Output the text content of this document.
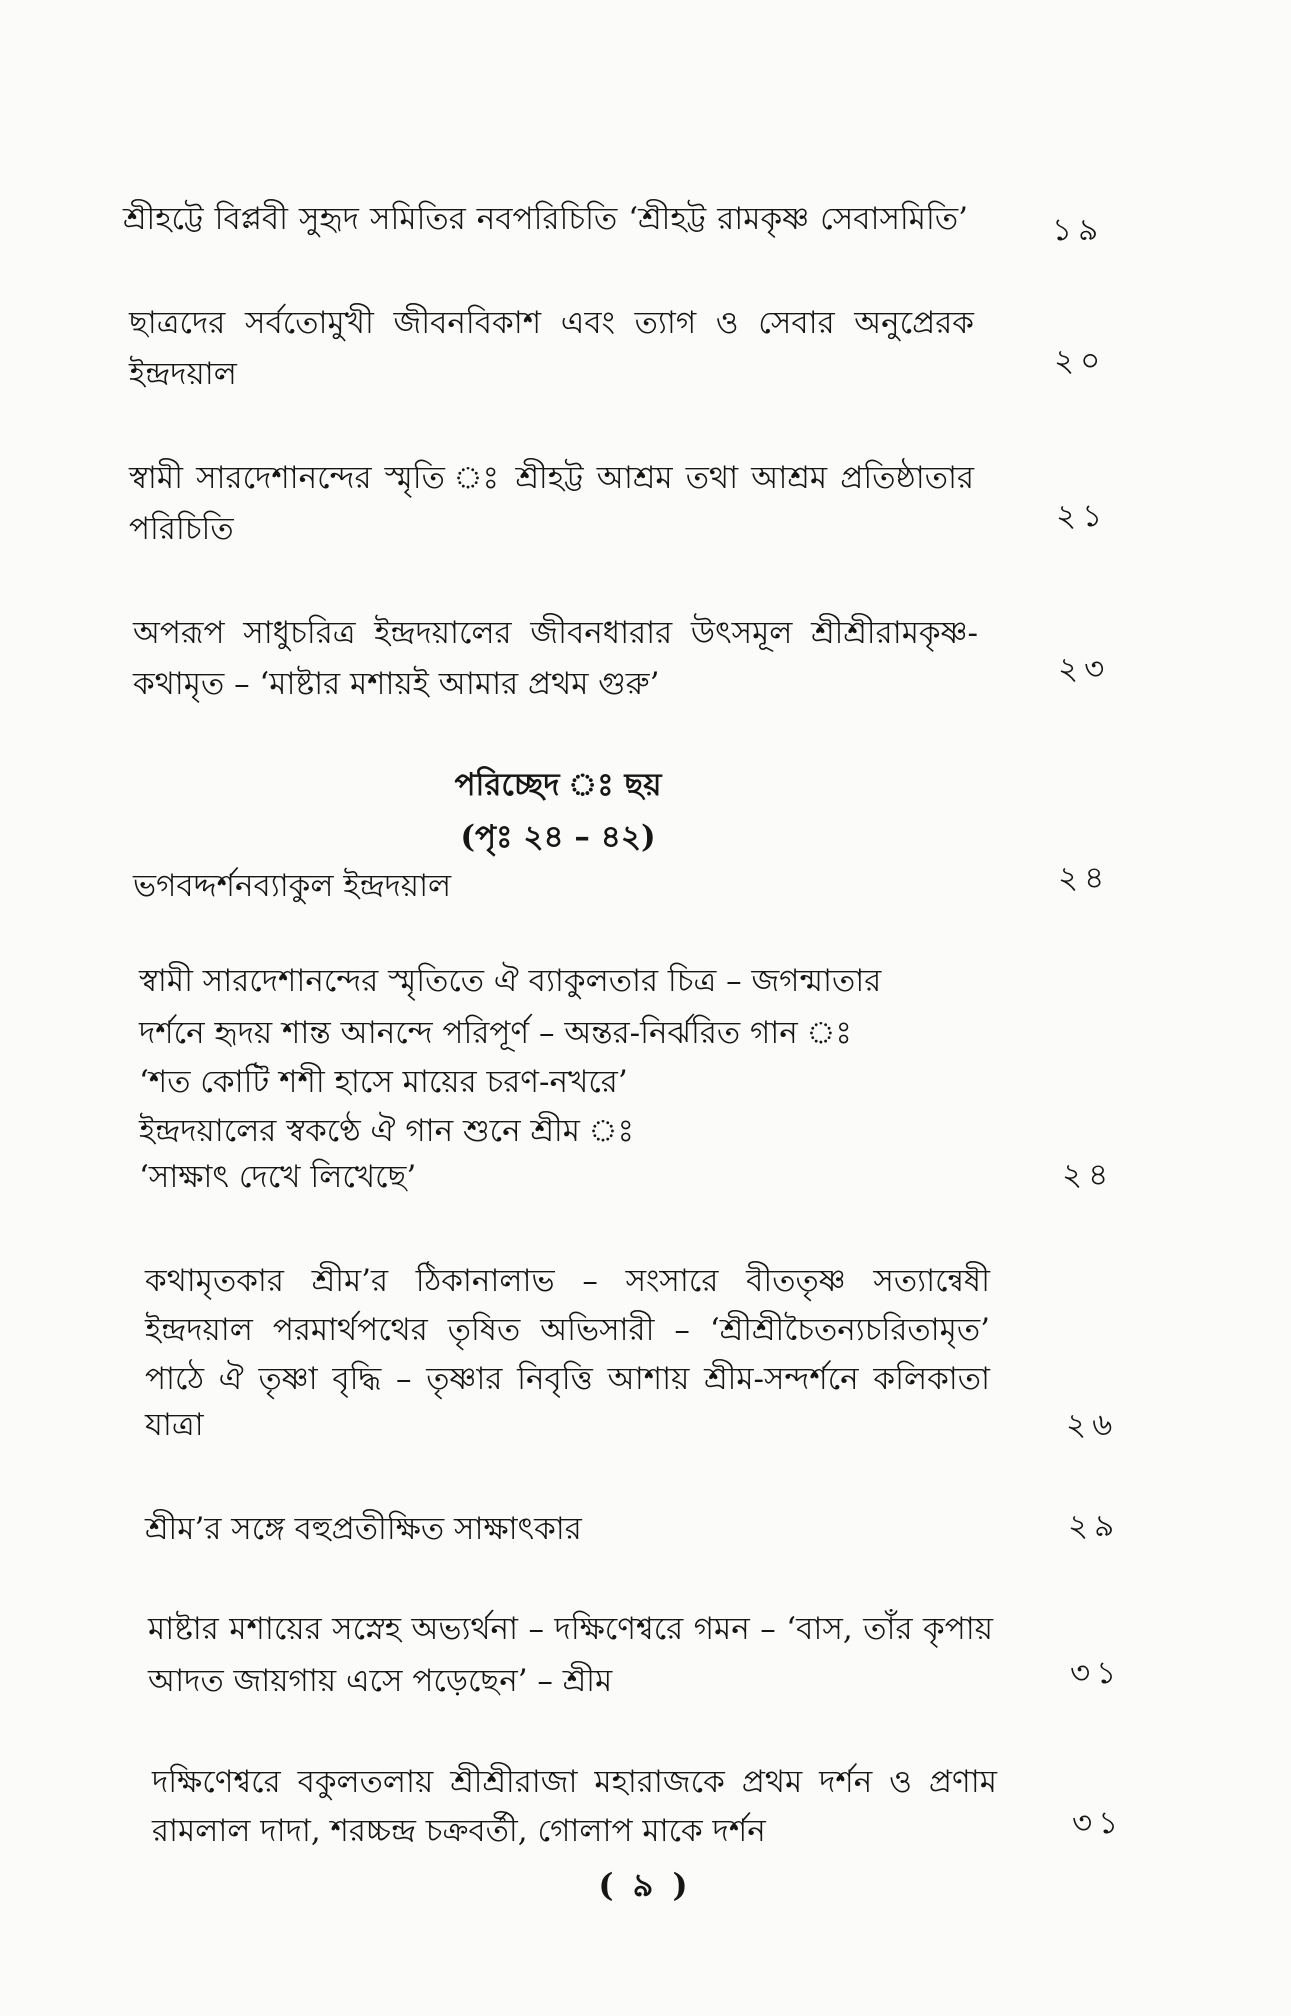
শ্রীহট্টে বিপ্লবী সুহৃদ সমিতির নবপরিচিতি ‘শ্রীহট্ট রামকৃষ্ণ সেবাসমিতি’	১৯
ছাত্রদের সর্বতোমুখী জীবনবিকাশ এবং ত্যাগ ও সেবার অনুপ্রেরক
ইন্দ্রদয়াল	২০
স্বামী সারদেশানন্দের স্মৃতি ঃ শ্রীহট্ট আশ্রম তথা আশ্রম প্রতিষ্ঠাতার
পরিচিতি	২১
অপরূপ সাধুচরিত্র ইন্দ্রদয়ালের জীবনধারার উৎসমূল শ্রীশ্রীরামকৃষ্ণ-
কথামৃত – ‘মাষ্টার মশায়ই আমার প্রথম গুরু’	২৩
পরিচ্ছেদ ঃ ছয়
(পৃঃ ২৪ – ৪২)
ভগবদ্দর্শনব্যাকুল ইন্দ্রদয়াল	২৪
স্বামী সারদেশানন্দের স্মৃতিতে ঐ ব্যাকুলতার চিত্র – জগন্মাতার
দর্শনে হৃদয় শান্ত আনন্দে পরিপূর্ণ – অন্তর-নির্ঝরিত গান ঃ
‘শত কোটি শশী হাসে মায়ের চরণ-নখরে’
ইন্দ্রদয়ালের স্বকণ্ঠে ঐ গান শুনে শ্রীম ঃ
‘সাক্ষাৎ দেখে লিখেছে’	২৪
কথামৃতকার শ্রীম’র ঠিকানালাভ – সংসারে বীততৃষ্ণ সত্যান্বেষী
ইন্দ্রদয়াল পরমার্থপথের তৃষিত অভিসারী – ‘শ্রীশ্রীচৈতন্যচরিতামৃত’
পাঠে ঐ তৃষ্ণা বৃদ্ধি – তৃষ্ণার নিবৃত্তি আশায় শ্রীম-সন্দর্শনে কলিকাতা
যাত্রা	২৬
শ্রীম’র সঙ্গে বহুপ্রতীক্ষিত সাক্ষাৎকার	২৯
মাষ্টার মশায়ের সস্নেহ অভ্যর্থনা – দক্ষিণেশ্বরে গমন – ‘বাস, তাঁর কৃপায়
আদত জায়গায় এসে পড়েছেন’ – শ্রীম	৩১
দক্ষিণেশ্বরে বকুলতলায় শ্রীশ্রীরাজা মহারাজকে প্রথম দর্শন ও প্রণাম
রামলাল দাদা, শরচ্চন্দ্র চক্রবর্তী, গোলাপ মাকে দর্শন	৩১
( ৯ )
